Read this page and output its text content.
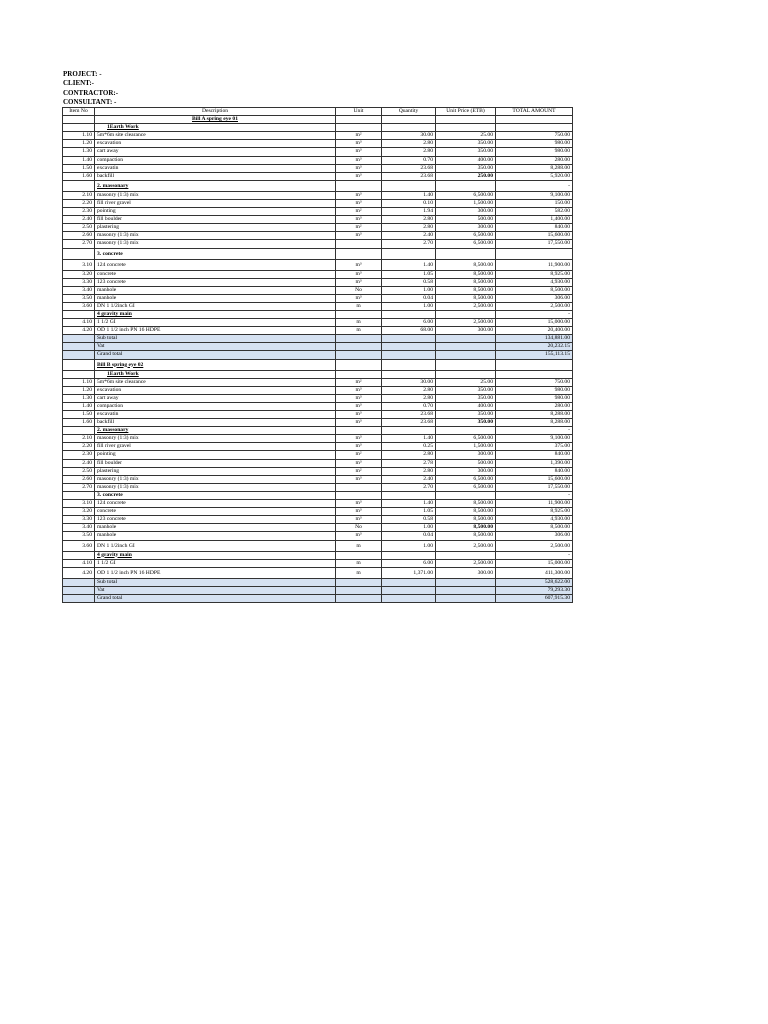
PROJECT: -
CLIENT:-
CONTRACTOR:-
CONSULTANT: -
Item No	Description	Unit	Quantity	Unit Price (ETB)	TOTAL AMOUNT
	Bill A spring eye 01				
	1Earth Work				
1.10	5m*6m site clearance	m²	30.00	25.00	750.00
1.20	excavation	m³	2.80	350.00	980.00
1.30	cart away	m³	2.80	350.00	980.00
1.40	compaction	m³	0.70	400.00	280.00
1.50	excavatin	m³	23.68	350.00	8,288.00
1.60	backfill	m³	23.68	250.00	5,920.00
	2. massonary				-
2.10	masonry (1:3) mix	m³	1.40	6,500.00	9,100.00
2.20	fill river gravel	m³	0.10	1,500.00	150.00
2.30	pointing	m²	1.94	300.00	582.00
2.40	fill boulder	m³	2.80	500.00	1,400.00
2.50	plastering	m²	2.80	300.00	840.00
2.60	masonry (1:3) mix	m³	2.40	6,500.00	15,600.00
2.70	masonry (1:3) mix		2.70	6,500.00	17,550.00
	3. concrete				
3.10	124 concrete	m³	1.40	8,500.00	11,900.00
3.20	concrete	m³	1.05	8,500.00	8,925.00
3.30	123 concrete	m³	0.58	8,500.00	4,930.00
3.40	manhole	No	1.00	8,500.00	8,500.00
3.50	manhole	m³	0.04	8,500.00	306.00
3.60	DN 1 1/2inch GI	m	1.00	2,500.00	2,500.00
	4 gravity main				-
4.10	1 1/2 GI	m	6.00	2,500.00	15,000.00
4.20	OD 1 1/2 inch PN 16 HDPE	m	68.00	300.00	20,400.00
	Sub total				134,881.00
	Vat				20,232.15
	Grand total				155,113.15
	Bill B spring eye 02				
	1Earth Work				
1.10	5m*6m site clearance	m²	30.00	25.00	750.00
1.20	excavation	m³	2.80	350.00	980.00
1.30	cart away	m³	2.80	350.00	980.00
1.40	compaction	m³	0.70	400.00	280.00
1.50	excavatin	m³	23.68	350.00	8,288.00
1.60	backfill	m³	23.68	350.00	8,288.00
	2. massonary				-
2.10	masonry (1:3) mix	m³	1.40	6,500.00	9,100.00
2.20	fill river gravel	m³	0.25	1,500.00	375.00
2.30	pointing	m²	2.80	300.00	840.00
2.40	fill boulder	m³	2.78	500.00	1,390.00
2.50	plastering	m²	2.80	300.00	840.00
2.60	masonry (1:3) mix	m³	2.40	6,500.00	15,600.00
2.70	masonry (1:3) mix		2.70	6,500.00	17,550.00
	3. concrete				-
3.10	124 concrete	m³	1.40	8,500.00	11,900.00
3.20	concrete	m³	1.05	8,500.00	8,925.00
3.30	123 concrete	m³	0.58	8,500.00	4,930.00
3.40	manhole	No	1.00	8,500.00	8,500.00
3.50	manhole	m³	0.04	8,500.00	306.00
3.60	DN 1 1/2inch GI	m	1.00	2,500.00	2,500.00
	4 gravity main				-
4.10	1 1/2 GI	m	6.00	2,500.00	15,000.00
4.20	OD 1 1/2 inch PN 16 HDPE	m	1,371.00	300.00	411,300.00
	Sub total				528,622.00
	Vat				79,293.30
	Grand total				607,915.30
